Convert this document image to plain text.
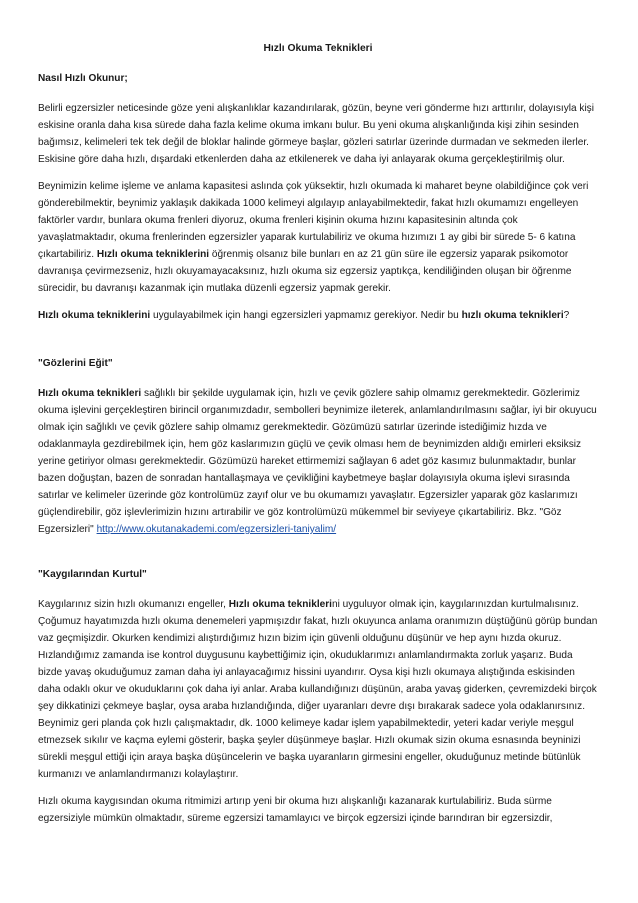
Hızlı Okuma Teknikleri
Nasıl Hızlı Okunur;

Belirli egzersizler neticesinde göze yeni alışkanlıklar kazandırılarak, gözün, beyne veri gönderme hızı arttırılır, dolayısıyla kişi eskisine oranla daha kısa sürede daha fazla kelime okuma imkanı bulur. Bu yeni okuma alışkanlığında kişi zihin sesinden bağımsız, kelimeleri tek tek değil de bloklar halinde görmeye başlar, gözleri satırlar üzerinde durmadan ve sekmeden ilerler. Eskisine göre daha hızlı, dışardaki etkenlerden daha az etkilenerek ve daha iyi anlayarak okuma gerçekleştirilmiş olur.

Beynimizin kelime işleme ve anlama kapasitesi aslında çok yüksektir, hızlı okumada ki maharet beyne olabildiğince çok veri gönderebilmektir, beynimiz yaklaşık dakikada 1000 kelimeyi algılayıp anlayabilmektedir, fakat hızlı okumamızı engelleyen faktörler vardır, bunlara okuma frenleri diyoruz, okuma frenleri kişinin okuma hızını kapasitesinin altında çok yavaşlatmaktadır, okuma frenlerinden egzersizler yaparak kurtulabiliriz ve okuma hızımızı 1 ay gibi bir sürede 5- 6 katına çıkartabiliriz. Hızlı okuma tekniklerini öğrenmiş olsanız bile bunları en az 21 gün süre ile egzersiz yaparak psikomotor davranışa çevirmezseniz, hızlı okuyamayacaksınız, hızlı okuma siz egzersiz yaptıkça, kendiliğinden oluşan bir öğrenme sürecidir, bu davranışı kazanmak için mutlaka düzenli egzersiz yapmak gerekir.

Hızlı okuma tekniklerini uygulayabilmek için hangi egzersizleri yapmamız gerekiyor. Nedir bu hızlı okuma teknikleri?

"Gözlerini Eğit"

Hızlı okuma teknikleri sağlıklı bir şekilde uygulamak için, hızlı ve çevik gözlere sahip olmamız gerekmektedir. Gözlerimiz okuma işlevini gerçekleştiren birincil organımızdadır, sembolleri beynimize ileterek, anlamlandırılmasını sağlar, iyi bir okuyucu olmak için sağlıklı ve çevik gözlere sahip olmamız gerekmektedir. Gözümüzü satırlar üzerinde istediğimiz hızda ve odaklanmayla gezdirebilmek için, hem göz kaslarımızın güçlü ve çevik olması hem de beynimizden aldığı emirleri eksiksiz yerine getiriyor olması gerekmektedir. Gözümüzü hareket ettirmemizi sağlayan 6 adet göz kasımız bulunmaktadır, bunlar bazen doğuştan, bazen de sonradan hantallaşmaya ve çevikliğini kaybetmeye başlar dolayısıyla okuma işlevi sırasında satırlar ve kelimeler üzerinde göz kontrolümüz zayıf olur ve bu okumamızı yavaşlatır. Egzersizler yaparak göz kaslarımızı güçlendirebilir, göz işlevlerimizin hızını artırabilir ve göz kontrolümüzü mükemmel bir seviyeye çıkartabiliriz. Bkz. "Göz Egzersizleri" http://www.okutanakademi.com/egzersizleri-taniyalim/

"Kaygılarından Kurtul"

Kaygılarınız sizin hızlı okumanızı engeller, Hızlı okuma tekniklerini uyguluyor olmak için, kaygılarınızdan kurtulmalısınız. Çoğumuz hayatımızda hızlı okuma denemeleri yapmışızdır fakat, hızlı okuyunca anlama oranımızın düştüğünü görüp bundan vaz geçmişizdir. Okurken kendimizi alıştırdığımız hızın bizim için güvenli olduğunu düşünür ve hep aynı hızda okuruz. Hızlandığımız zamanda ise kontrol duygusunu kaybettiğimiz için, okuduklarımızı anlamlandırmakta zorluk yaşarız. Buda bizde yavaş okuduğumuz zaman daha iyi anlayacağımız hissini uyandırır. Oysa kişi hızlı okumaya alıştığında eskisinden daha odaklı okur ve okuduklarını çok daha iyi anlar. Araba kullandığınızı düşünün, araba yavaş giderken, çevremizdeki birçok şey dikkatinizi çekmeye başlar, oysa araba hızlandığında, diğer uyaranları devre dışı bırakarak sadece yola odaklanırsınız. Beynimiz geri planda çok hızlı çalışmaktadır, dk. 1000 kelimeye kadar işlem yapabilmektedir, yeteri kadar veriyle meşgul etmezsek sıkılır ve kaçma eylemi gösterir, başka şeyler düşünmeye başlar. Hızlı okumak sizin okuma esnasında beyninizi sürekli meşgul ettiği için araya başka düşüncelerin ve başka uyaranların girmesini engeller, okuduğunuz metinde bütünlük kurmanızı ve anlamlandırmanızı kolaylaştırır.

Hızlı okuma kaygısından okuma ritmimizi artırıp yeni bir okuma hızı alışkanlığı kazanarak kurtulabiliriz. Buda sürme egzersiziyle mümkün olmaktadır, süreme egzersizi tamamlayıcı ve birçok egzersizi içinde barındıran bir egzersizdir,
